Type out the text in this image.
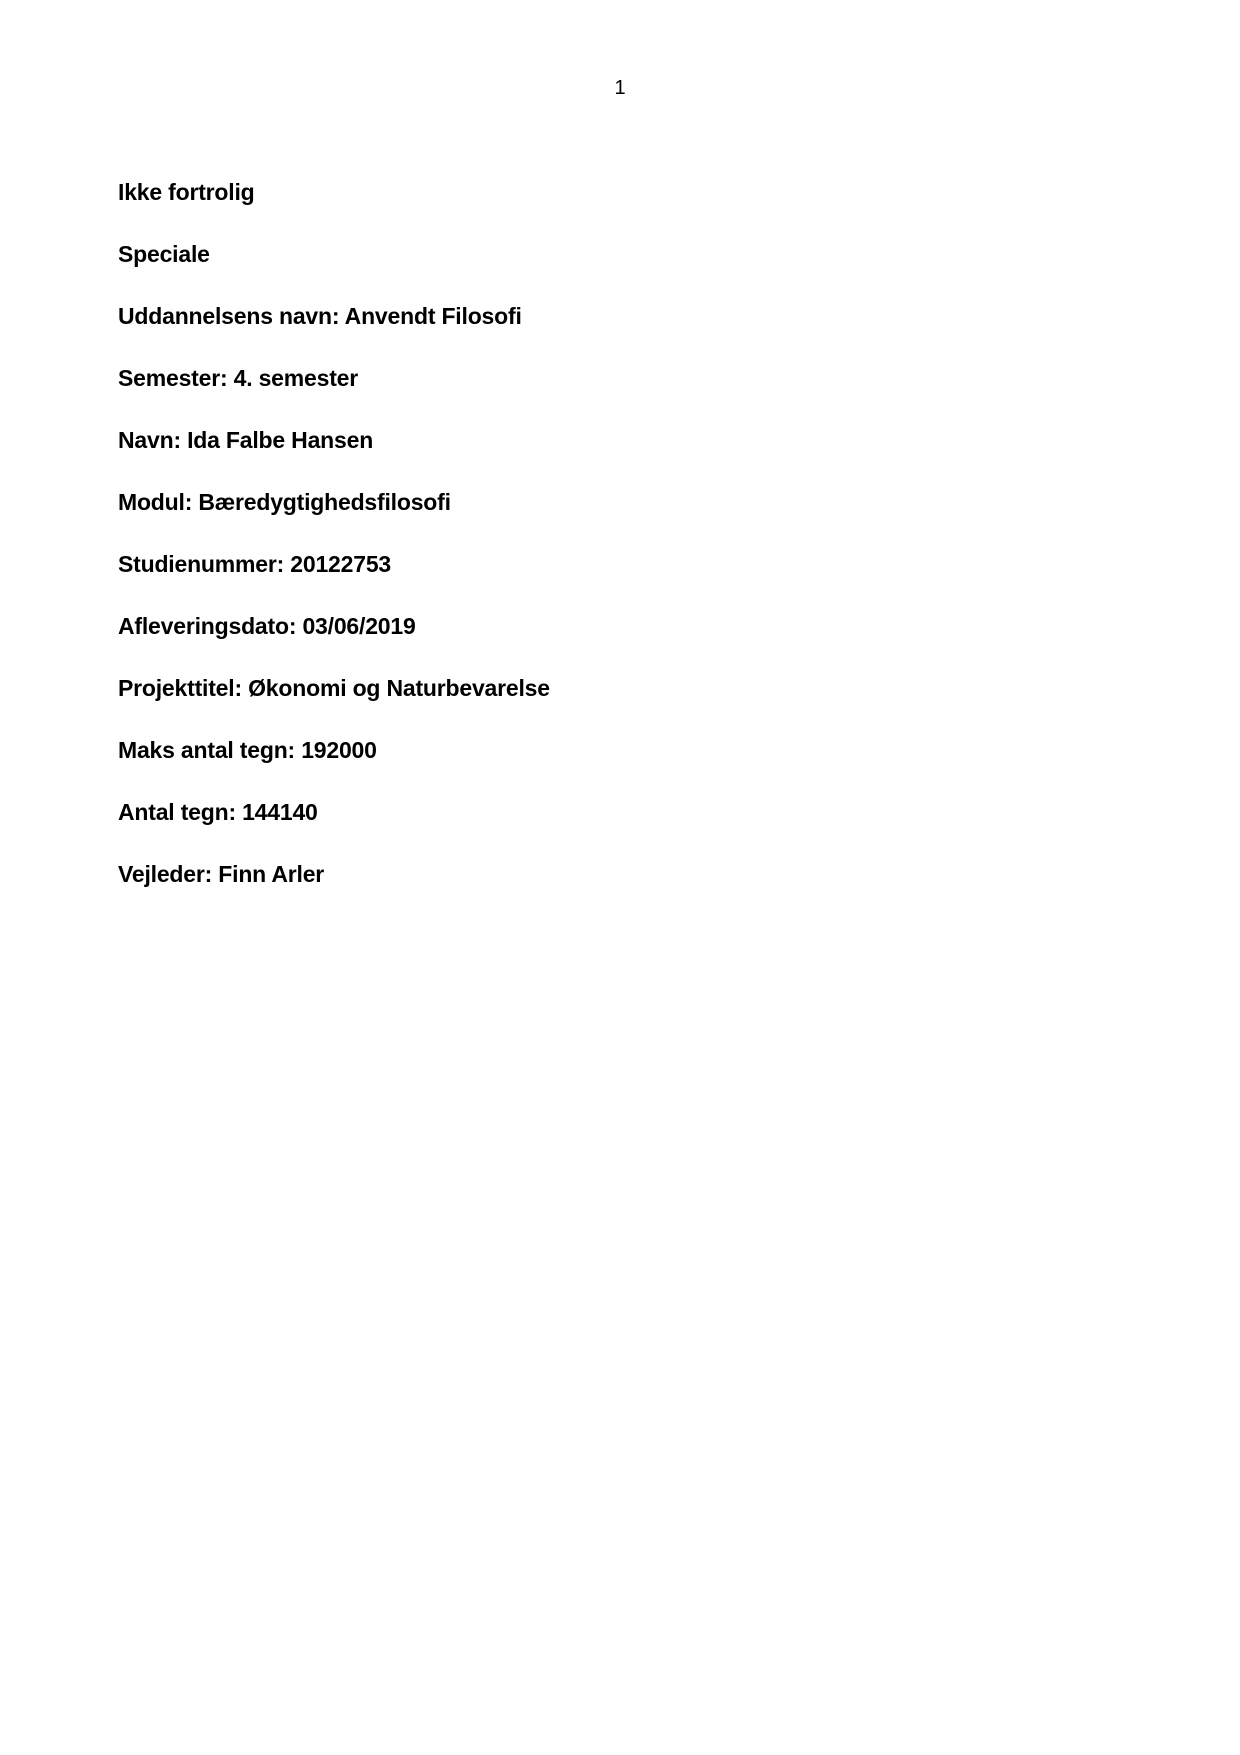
1

Ikke fortrolig

Speciale

Uddannelsens navn: Anvendt Filosofi

Semester: 4. semester

Navn: Ida Falbe Hansen

Modul: Bæredygtighedsfilosofi

Studienummer: 20122753

Afleveringsdato: 03/06/2019

Projekttitel: Økonomi og Naturbevarelse

Maks antal tegn: 192000

Antal tegn: 144140

Vejleder: Finn Arler
